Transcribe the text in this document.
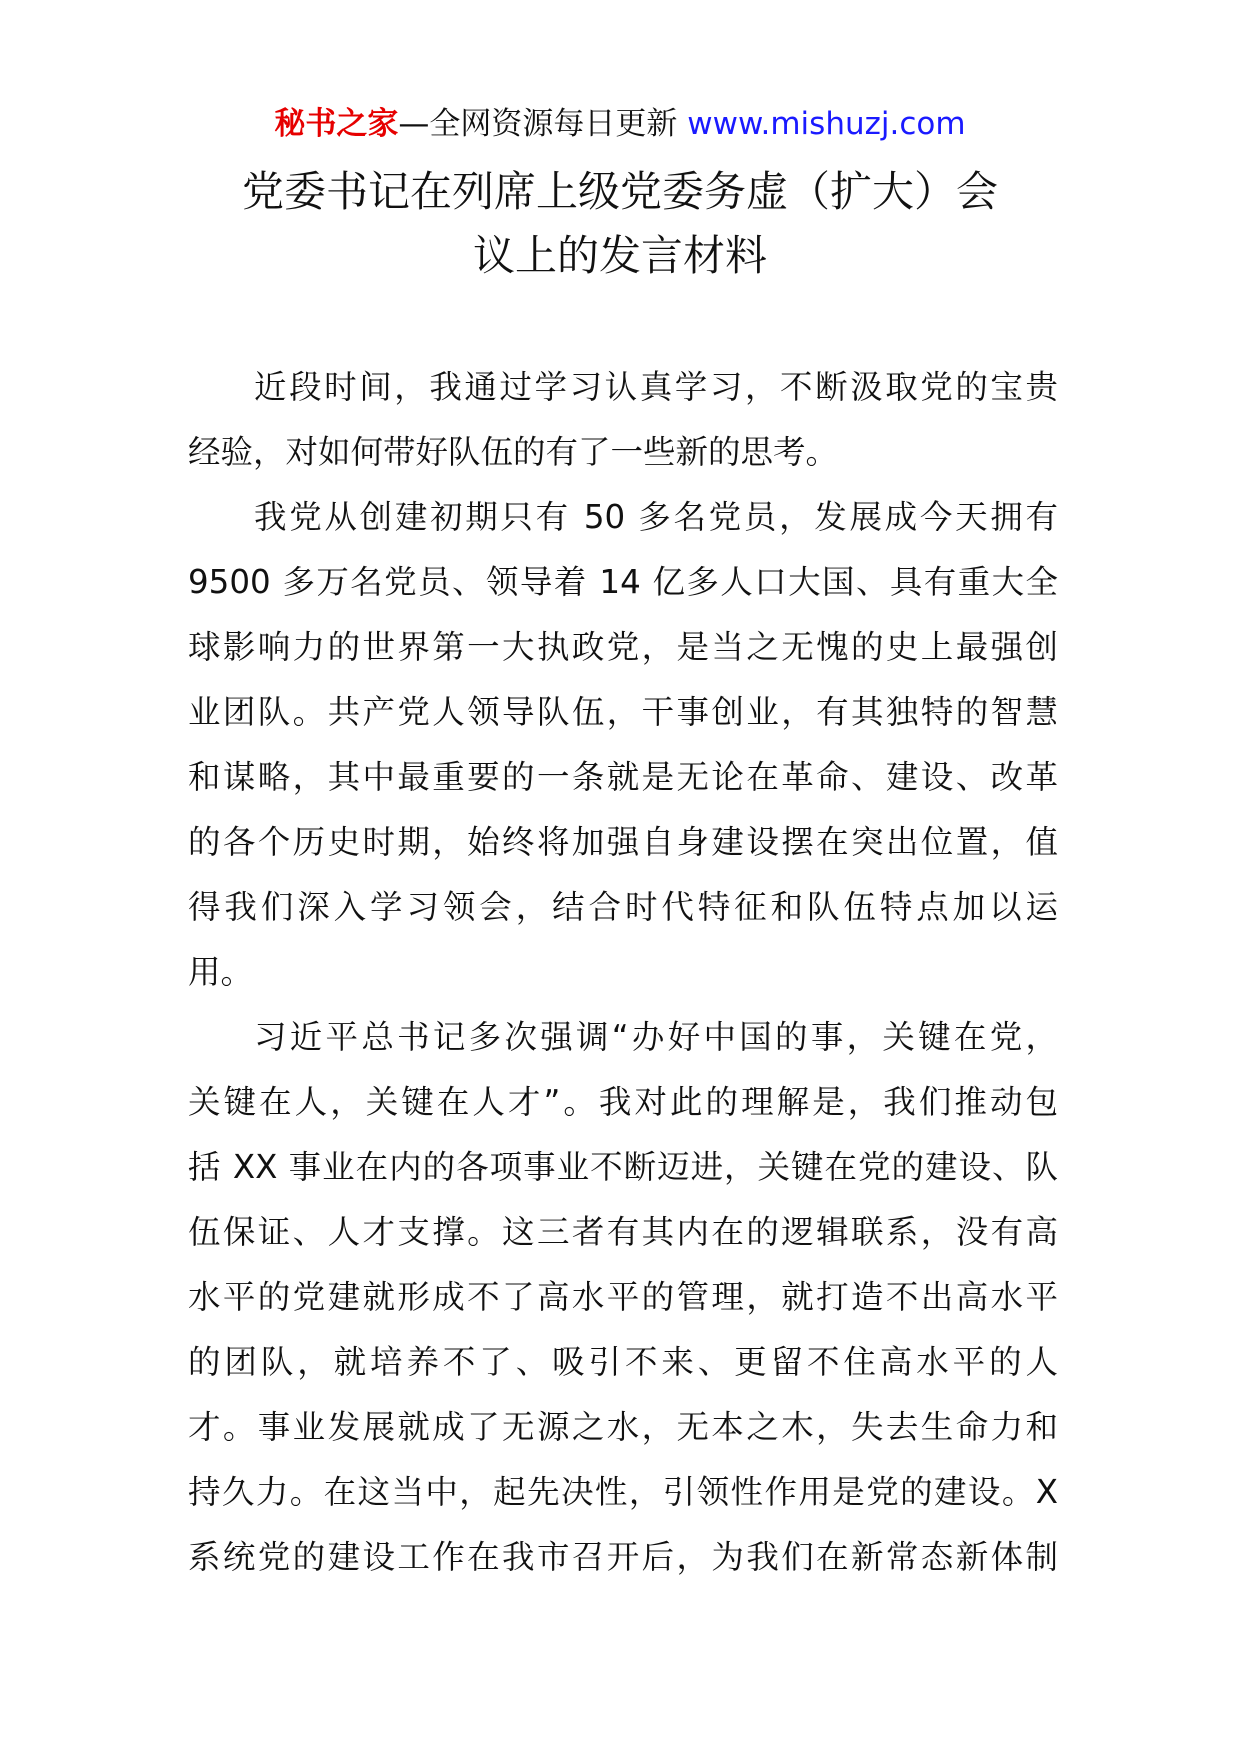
秘书之家—全网资源每日更新 www.mishuzj.com
党委书记在列席上级党委务虚（扩大）会
议上的发言材料
近段时间，我通过学习认真学习，不断汲取党的宝贵
经验，对如何带好队伍的有了一些新的思考。
我党从创建初期只有 50 多名党员，发展成今天拥有
9500 多万名党员、领导着 14 亿多人口大国、具有重大全
球影响力的世界第一大执政党，是当之无愧的史上最强创
业团队。共产党人领导队伍，干事创业，有其独特的智慧
和谋略，其中最重要的一条就是无论在革命、建设、改革
的各个历史时期，始终将加强自身建设摆在突出位置，值
得我们深入学习领会，结合时代特征和队伍特点加以运
用。
习近平总书记多次强调“办好中国的事，关键在党，
关键在人，关键在人才”。我对此的理解是，我们推动包
括 XX 事业在内的各项事业不断迈进，关键在党的建设、队
伍保证、人才支撑。这三者有其内在的逻辑联系，没有高
水平的党建就形成不了高水平的管理，就打造不出高水平
的团队，就培养不了、吸引不来、更留不住高水平的人
才。事业发展就成了无源之水，无本之木，失去生命力和
持久力。在这当中，起先决性，引领性作用是党的建设。X
系统党的建设工作在我市召开后，为我们在新常态新体制
